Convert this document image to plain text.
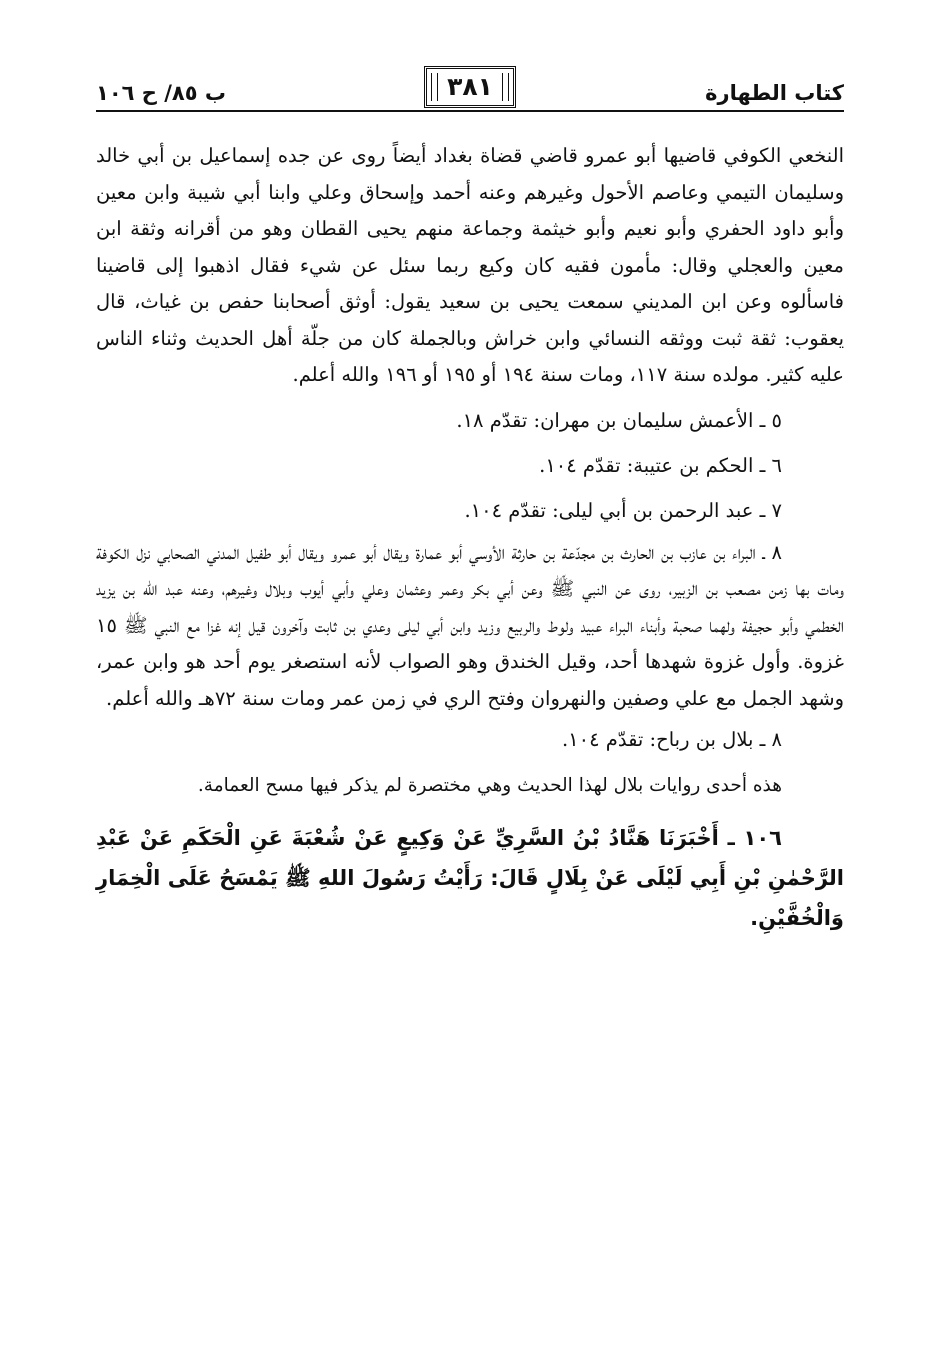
كتاب الطهارة
٣٨١
ب ٨٥/ ح ١٠٦

النخعي الكوفي قاضيها أبو عمرو قاضي قضاة بغداد أيضاً روى عن جده إسماعيل بن أبي خالد وسليمان التيمي وعاصم الأحول وغيرهم وعنه أحمد وإسحاق وعلي وابنا أبي شيبة وابن معين وأبو داود الحفري وأبو نعيم وأبو خيثمة وجماعة منهم يحيى القطان وهو من أقرانه وثقة ابن معين والعجلي وقال: مأمون فقيه كان وكيع ربما سئل عن شيء فقال اذهبوا إلى قاضينا فاسألوه وعن ابن المديني سمعت يحيى بن سعيد يقول: أوثق أصحابنا حفص بن غياث، قال يعقوب: ثقة ثبت ووثقه النسائي وابن خراش وبالجملة كان من جلّة أهل الحديث وثناء الناس عليه كثير. مولده سنة ١١٧، ومات سنة ١٩٤ أو ١٩٥ أو ١٩٦ والله أعلم.

٥ ـ الأعمش سليمان بن مهران: تقدّم ١٨.

٦ ـ الحكم بن عتيبة: تقدّم ١٠٤.

٧ ـ عبد الرحمن بن أبي ليلى: تقدّم ١٠٤.

٨ ـ البراء بن عازب بن الحارث بن مجدّعة بن حارثة الأوسي أبو عمارة ويقال أبو عمرو ويقال أبو طفيل المدني الصحابي نزل الكوفة ومات بها زمن مصعب بن الزبير، روى عن النبي ﷺ وعن أبي بكر وعمر وعثمان وعلي وأبي أيوب وبلال وغيرهم، وعنه عبد الله بن يزيد الخطمي وأبو حجيفة ولهما صحبة وأبناء البراء عبيد ولوط والربيع وزيد وابن أبي ليلى وعدي بن ثابت وآخرون قيل إنه غزا مع النبي ﷺ ١٥ غزوة. وأول غزوة شهدها أحد، وقيل الخندق وهو الصواب لأنه استصغر يوم أحد هو وابن عمر، وشهد الجمل مع علي وصفين والنهروان وفتح الري في زمن عمر ومات سنة ٧٢هـ والله أعلم.

٨ ـ بلال بن رباح: تقدّم ١٠٤.

هذه أحدى روايات بلال لهذا الحديث وهي مختصرة لم يذكر فيها مسح العمامة.

١٠٦ ـ أَخْبَرَنَا هَنَّادُ بْنُ السَّرِيِّ عَنْ وَكِيعٍ عَنْ شُعْبَةَ عَنِ الْحَكَمِ عَنْ عَبْدِ الرَّحْمٰنِ بْنِ أَبِي لَيْلَى عَنْ بِلَالٍ قَالَ: رَأَيْتُ رَسُولَ اللهِ ﷺ يَمْسَحُ عَلَى الْخِمَارِ وَالْخُفَّيْنِ.
